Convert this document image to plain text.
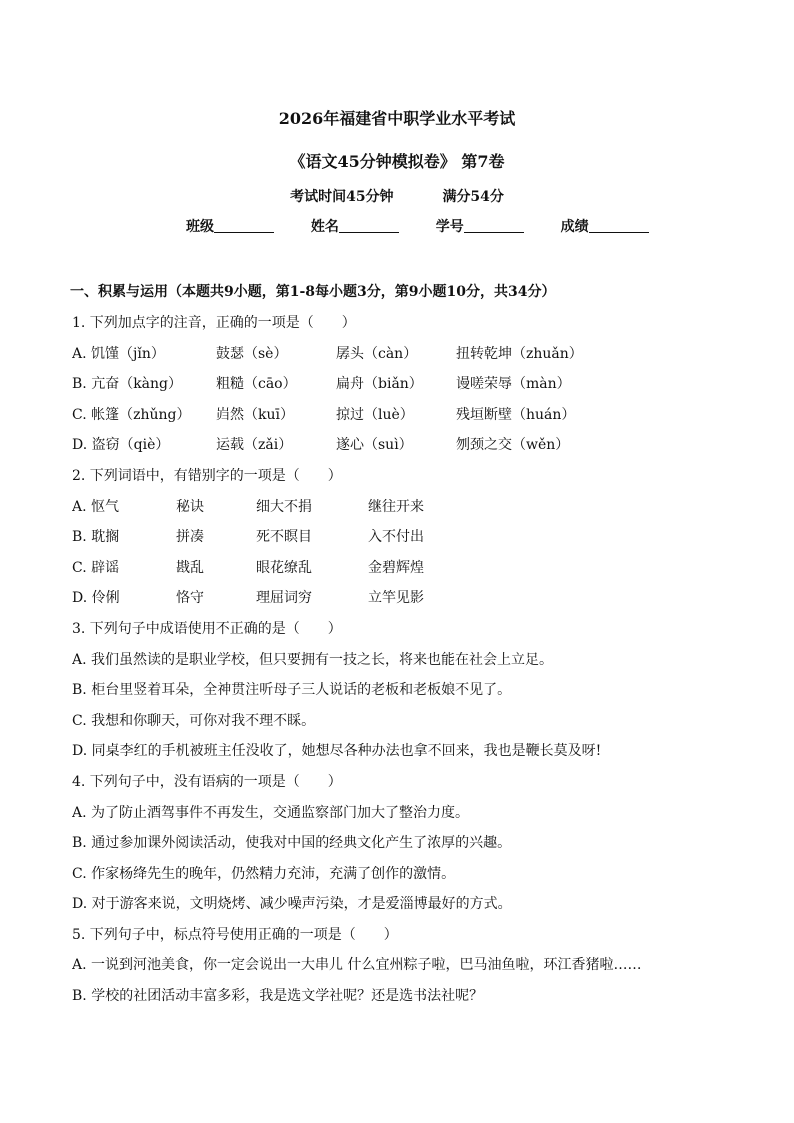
2026年福建省中职学业水平考试
《语文45分钟模拟卷》 第7卷
考试时间45分钟	满分54分
班级	姓名	学号	成绩
一、积累与运用（本题共9小题，第1-8每小题3分，第9小题10分，共34分）
1. 下列加点字的注音，正确的一项是（　　）
A. 饥馑（jǐn）	鼓瑟（sè）	孱头（càn）	扭转乾坤（zhuǎn）
B. 亢奋（kàng） 粗糙（cāo）	扁舟（biǎn） 谩嗟荣辱（màn）
C. 帐篷（zhǔng） 岿然（kuī）	掠过（luè）	残垣断壁（huán）
D. 盗窃（qiè）	运载（zǎi）	遂心（suì）	刎颈之交（wěn）
2. 下列词语中，有错别字的一项是（　　）
A. 怄气	秘诀	细大不捐	继往开来
B. 耽搁	拼凑	死不瞑目	入不付出
C. 辟谣	戡乱	眼花缭乱	金碧辉煌
D. 伶俐	恪守	理屈词穷	立竿见影
3. 下列句子中成语使用不正确的是（　　）
A. 我们虽然读的是职业学校，但只要拥有一技之长，将来也能在社会上立足。
B. 柜台里竖着耳朵，全神贯注听母子三人说话的老板和老板娘不见了。
C. 我想和你聊天，可你对我不理不睬。
D. 同桌李红的手机被班主任没收了，她想尽各种办法也拿不回来，我也是鞭长莫及呀!
4. 下列句子中，没有语病的一项是（　　）
A. 为了防止酒驾事件不再发生，交通监察部门加大了整治力度。
B. 通过参加课外阅读活动，使我对中国的经典文化产生了浓厚的兴趣。
C. 作家杨绛先生的晚年，仍然精力充沛，充满了创作的激情。
D. 对于游客来说，文明烧烤、减少噪声污染，才是爱淄博最好的方式。
5. 下列句子中，标点符号使用正确的一项是（　　）
A. 一说到河池美食，你一定会说出一大串儿 什么宜州粽子啦，巴马油鱼啦，环江香猪啦……
B. 学校的社团活动丰富多彩，我是选文学社呢？还是选书法社呢？
